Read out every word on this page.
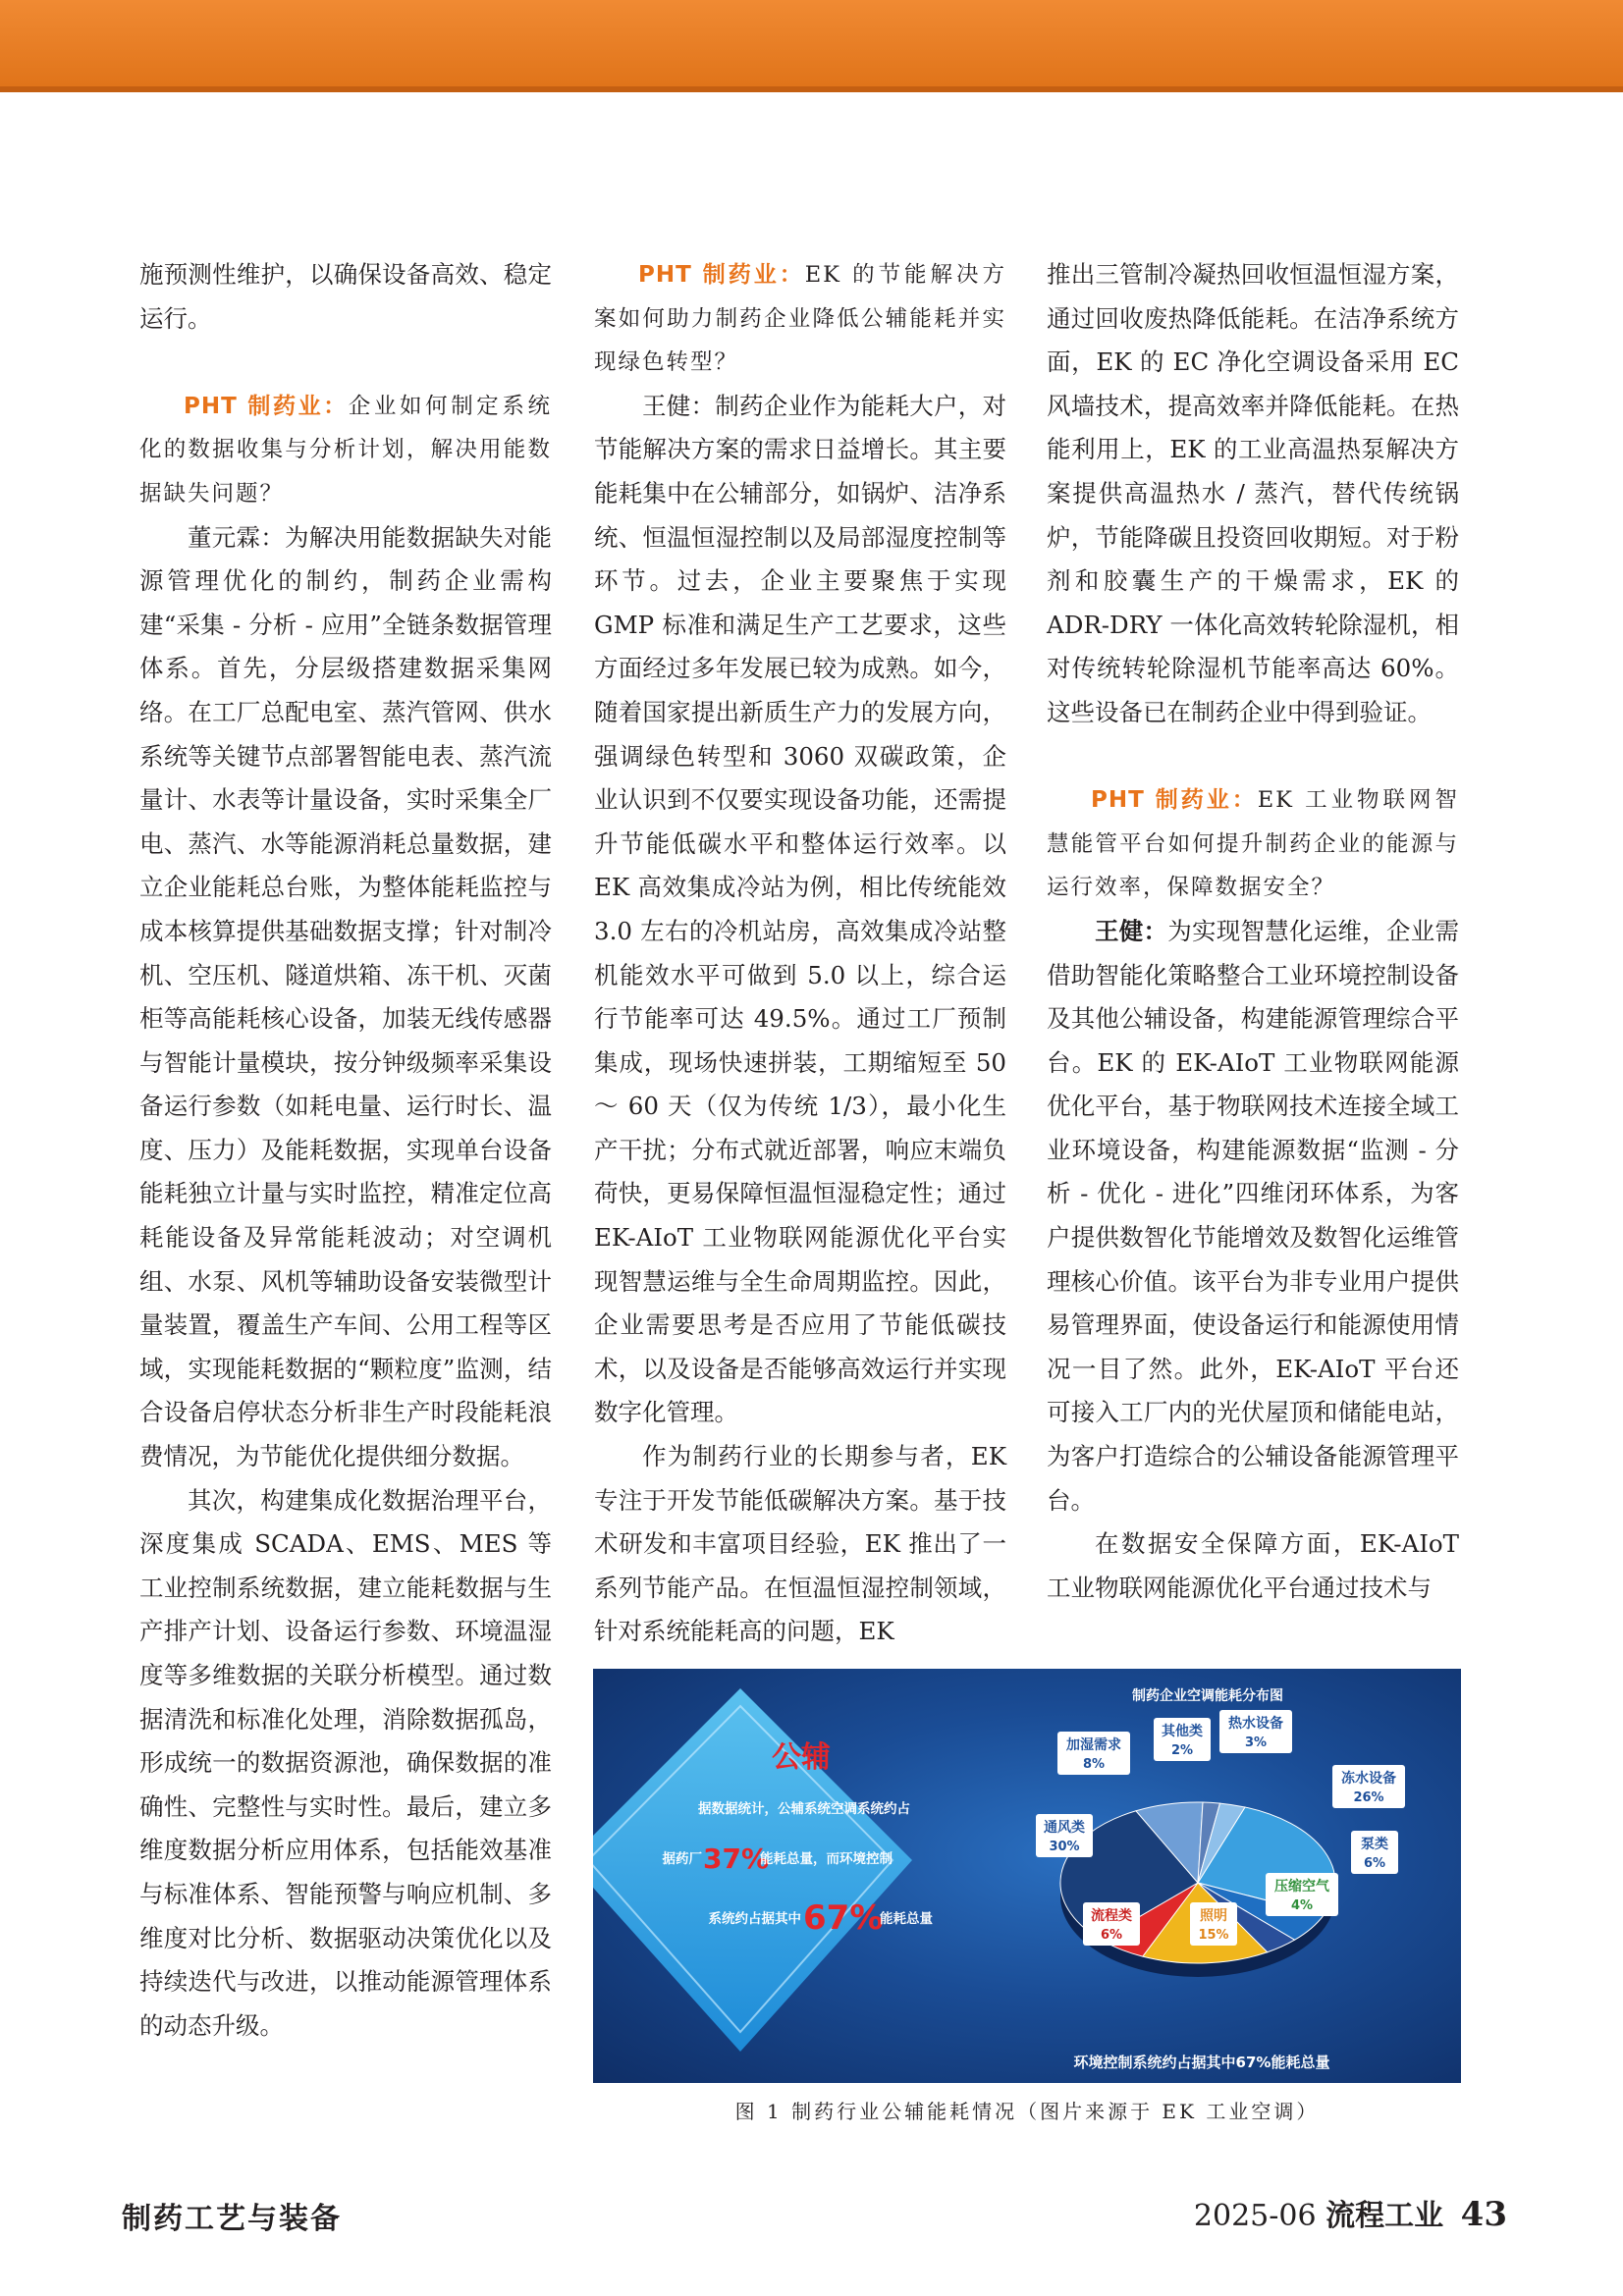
施预测性维护，以确保设备高效、稳定运行。

PHT 制药业：企业如何制定系统化的数据收集与分析计划，解决用能数据缺失问题？

董元霖：为解决用能数据缺失对能源管理优化的制约，制药企业需构建“采集 - 分析 - 应用”全链条数据管理体系。首先，分层级搭建数据采集网络。在工厂总配电室、蒸汽管网、供水系统等关键节点部署智能电表、蒸汽流量计、水表等计量设备，实时采集全厂电、蒸汽、水等能源消耗总量数据，建立企业能耗总台账，为整体能耗监控与成本核算提供基础数据支撑；针对制冷机、空压机、隧道烘箱、冻干机、灭菌柜等高能耗核心设备，加装无线传感器与智能计量模块，按分钟级频率采集设备运行参数（如耗电量、运行时长、温度、压力）及能耗数据，实现单台设备能耗独立计量与实时监控，精准定位高耗能设备及异常能耗波动；对空调机组、水泵、风机等辅助设备安装微型计量装置，覆盖生产车间、公用工程等区域，实现能耗数据的“颗粒度”监测，结合设备启停状态分析非生产时段能耗浪费情况，为节能优化提供细分数据。

其次，构建集成化数据治理平台，深度集成 SCADA、EMS、MES 等工业控制系统数据，建立能耗数据与生产排产计划、设备运行参数、环境温湿度等多维数据的关联分析模型。通过数据清洗和标准化处理，消除数据孤岛，形成统一的数据资源池，确保数据的准确性、完整性与实时性。最后，建立多维度数据分析应用体系，包括能效基准与标准体系、智能预警与响应机制、多维度对比分析、数据驱动决策优化以及持续迭代与改进，以推动能源管理体系的动态升级。

PHT 制药业：EK 的节能解决方案如何助力制药企业降低公辅能耗并实现绿色转型？

王健：制药企业作为能耗大户，对节能解决方案的需求日益增长。其主要能耗集中在公辅部分，如锅炉、洁净系统、恒温恒湿控制以及局部湿度控制等环节。过去，企业主要聚焦于实现 GMP 标准和满足生产工艺要求，这些方面经过多年发展已较为成熟。如今，随着国家提出新质生产力的发展方向，强调绿色转型和 3060 双碳政策，企业认识到不仅要实现设备功能，还需提升节能低碳水平和整体运行效率。以 EK 高效集成冷站为例，相比传统能效 3.0 左右的冷机站房，高效集成冷站整机能效水平可做到 5.0 以上，综合运行节能率可达 49.5%。通过工厂预制集成，现场快速拼装，工期缩短至 50 ～ 60 天（仅为传统 1/3），最小化生产干扰；分布式就近部署，响应末端负荷快，更易保障恒温恒湿稳定性；通过 EK-AIoT 工业物联网能源优化平台实现智慧运维与全生命周期监控。因此，企业需要思考是否应用了节能低碳技术，以及设备是否能够高效运行并实现数字化管理。

作为制药行业的长期参与者，EK 专注于开发节能低碳解决方案。基于技术研发和丰富项目经验，EK 推出了一系列节能产品。在恒温恒湿控制领域，针对系统能耗高的问题，EK

推出三管制冷凝热回收恒温恒湿方案，通过回收废热降低能耗。在洁净系统方面，EK 的 EC 净化空调设备采用 EC 风墙技术，提高效率并降低能耗。在热能利用上，EK 的工业高温热泵解决方案提供高温热水 / 蒸汽，替代传统锅炉，节能降碳且投资回收期短。对于粉剂和胶囊生产的干燥需求，EK 的 ADR-DRY 一体化高效转轮除湿机，相对传统转轮除湿机节能率高达 60%。这些设备已在制药企业中得到验证。

PHT 制药业：EK 工业物联网智慧能管平台如何提升制药企业的能源与运行效率，保障数据安全？

王健：为实现智慧化运维，企业需借助智能化策略整合工业环境控制设备及其他公辅设备，构建能源管理综合平台。EK 的 EK-AIoT 工业物联网能源优化平台，基于物联网技术连接全域工业环境设备，构建能源数据“监测 - 分析 - 优化 - 进化”四维闭环体系，为客户提供数智化节能增效及数智化运维管理核心价值。该平台为非专业用户提供易管理界面，使设备运行和能源使用情况一目了然。此外，EK-AIoT 平台还可接入工厂内的光伏屋顶和储能电站，为客户打造综合的公辅设备能源管理平台。

在数据安全保障方面，EK-AIoT 工业物联网能源优化平台通过技术与

公辅
据数据统计，公辅系统空调系统约占
据药厂 37%
能耗总量，而环境控制
系统约占据其中 67%
能耗总量
制药企业空调能耗分布图
环境控制系统约占据其中67%能耗总量
冻水设备
26%
泵类
6%
压缩空气
4%
照明
15%
流程类
6%
通风类
30%
加湿需求
8%
其他类
2%
热水设备
3%
图 1 制药行业公辅能耗情况（图片来源于 EK 工业空调）
制药工艺与装备	2025-06 流程工业 43
